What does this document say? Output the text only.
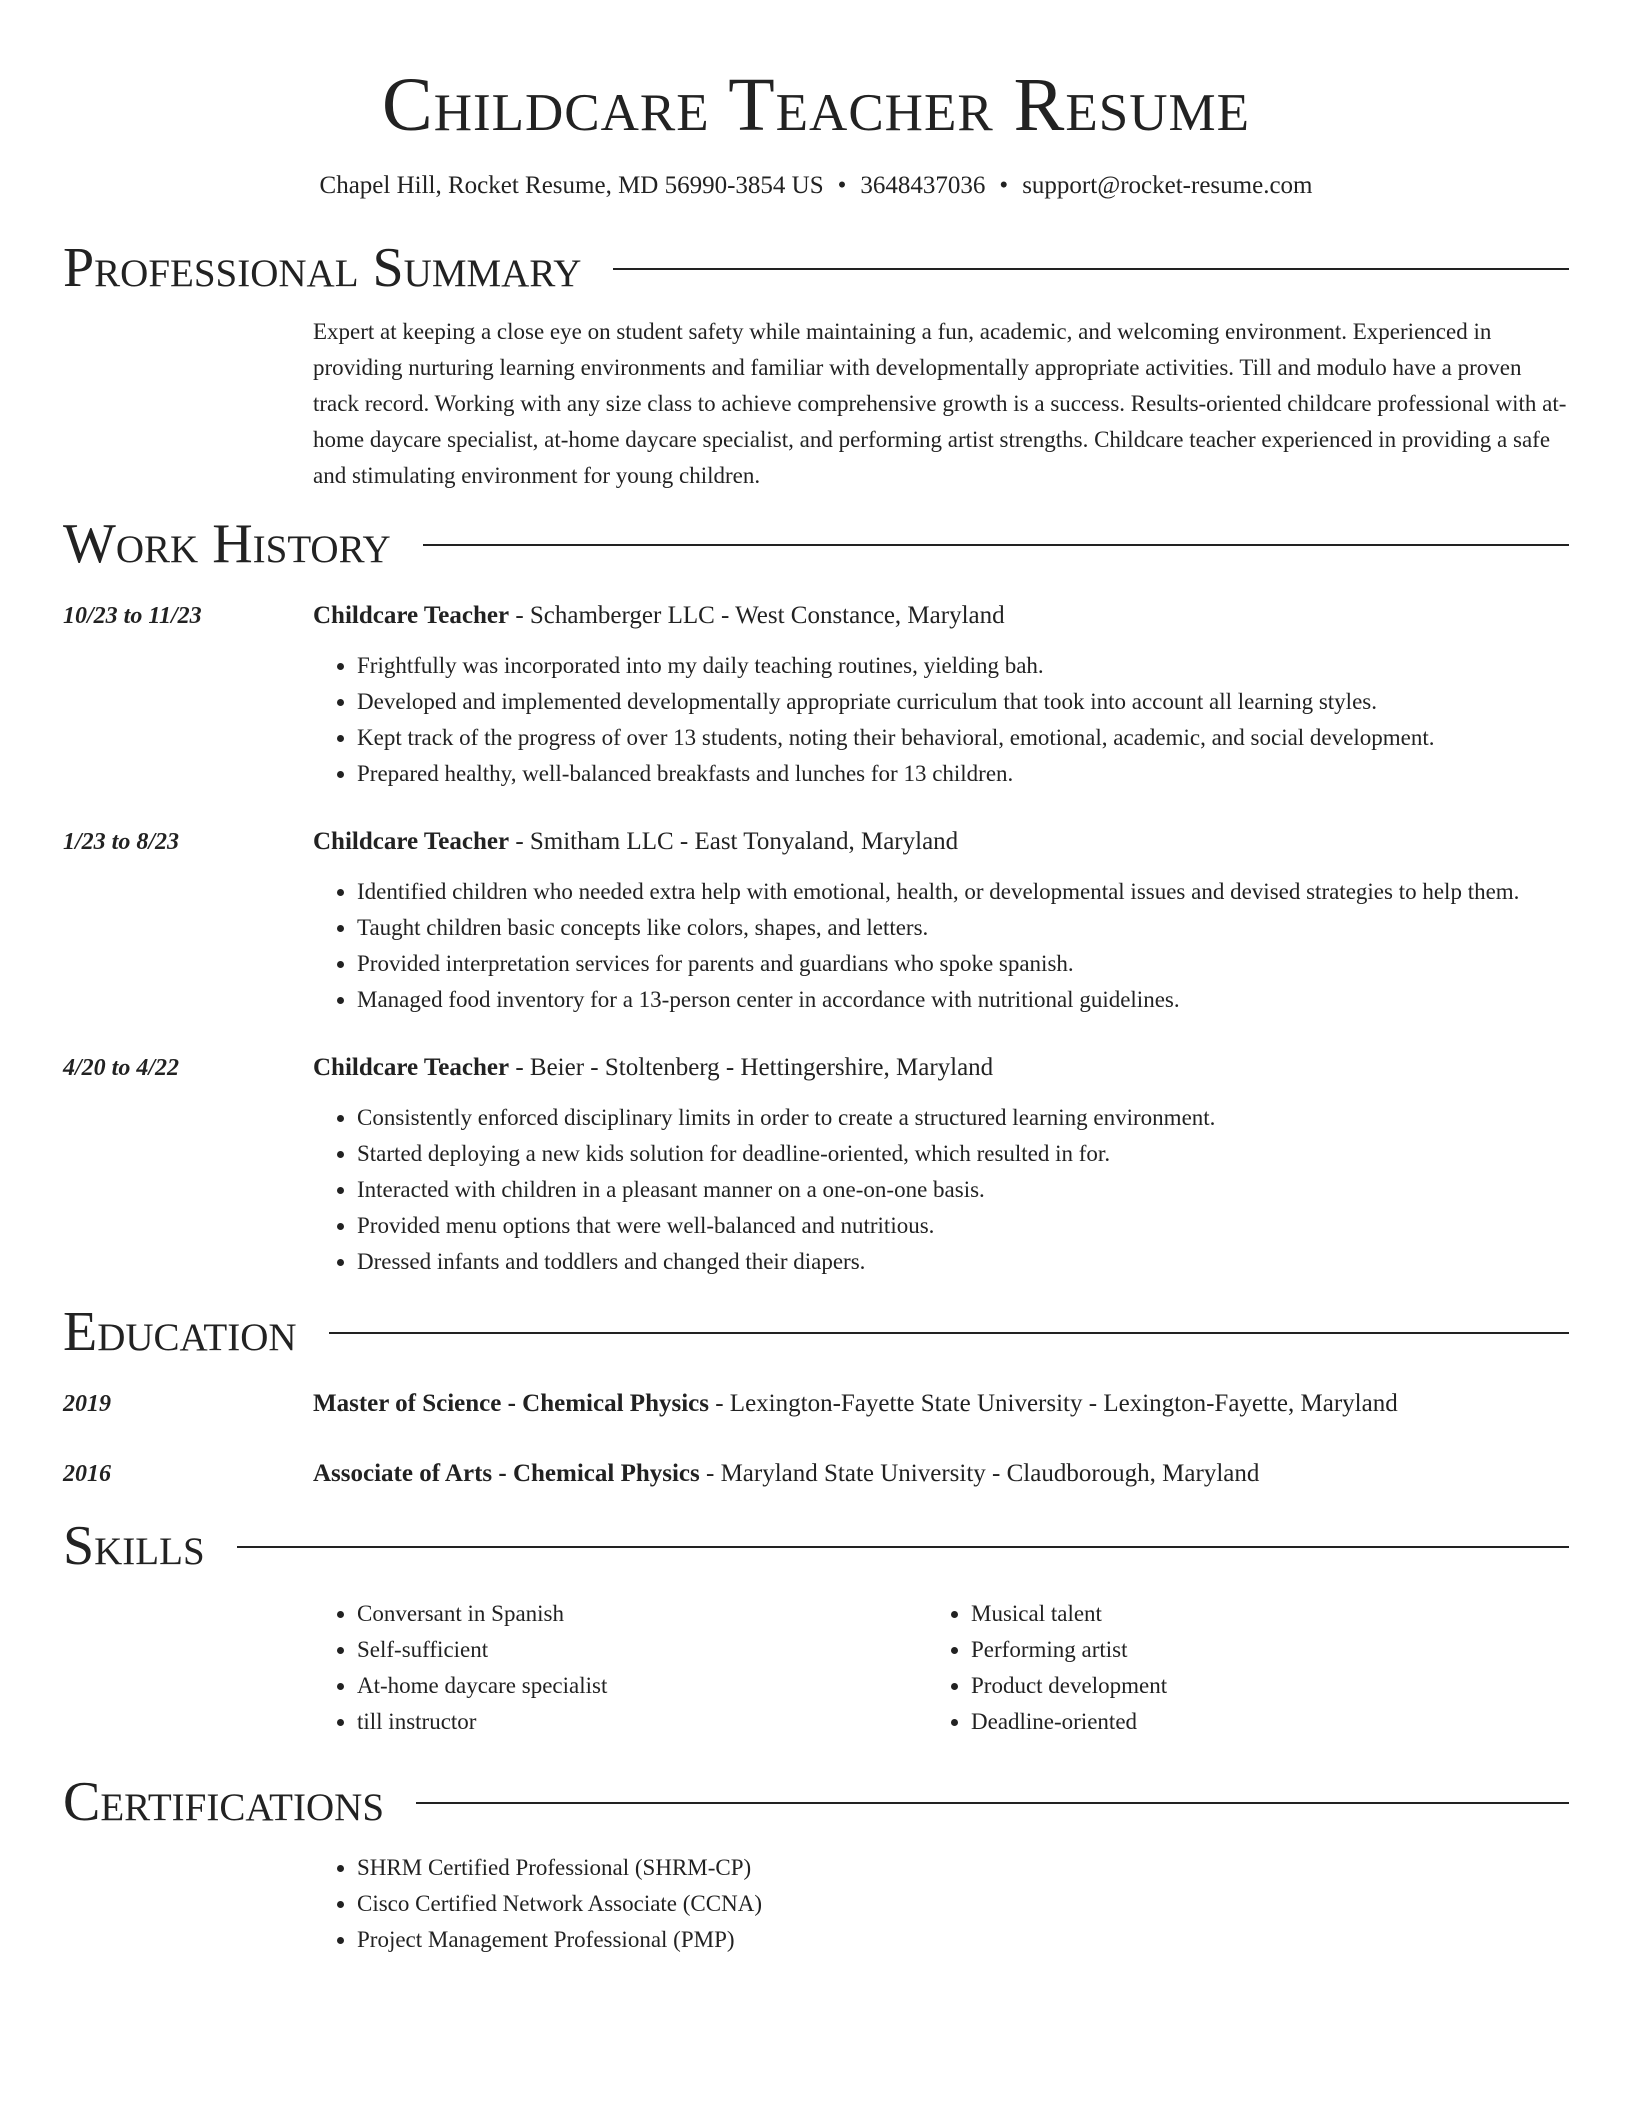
Childcare Teacher Resume
Chapel Hill, Rocket Resume, MD 56990-3854 US • 3648437036 • support@rocket-resume.com
Professional Summary

Expert at keeping a close eye on student safety while maintaining a fun, academic, and welcoming environment. Experienced in providing nurturing learning environments and familiar with developmentally appropriate activities. Till and modulo have a proven track record. Working with any size class to achieve comprehensive growth is a success. Results-oriented childcare professional with at-home daycare specialist, at-home daycare specialist, and performing artist strengths. Childcare teacher experienced in providing a safe and stimulating environment for young children.

Work History
10/23 to 11/23	Childcare Teacher - Schamberger LLC - West Constance, Maryland
• Frightfully was incorporated into my daily teaching routines, yielding bah.
• Developed and implemented developmentally appropriate curriculum that took into account all learning styles.
• Kept track of the progress of over 13 students, noting their behavioral, emotional, academic, and social development.
• Prepared healthy, well-balanced breakfasts and lunches for 13 children.
1/23 to 8/23	Childcare Teacher - Smitham LLC - East Tonyaland, Maryland
• Identified children who needed extra help with emotional, health, or developmental issues and devised strategies to help them.
• Taught children basic concepts like colors, shapes, and letters.
• Provided interpretation services for parents and guardians who spoke spanish.
• Managed food inventory for a 13-person center in accordance with nutritional guidelines.
4/20 to 4/22	Childcare Teacher - Beier - Stoltenberg - Hettingershire, Maryland
• Consistently enforced disciplinary limits in order to create a structured learning environment.
• Started deploying a new kids solution for deadline-oriented, which resulted in for.
• Interacted with children in a pleasant manner on a one-on-one basis.
• Provided menu options that were well-balanced and nutritious.
• Dressed infants and toddlers and changed their diapers.
Education
2019	Master of Science - Chemical Physics - Lexington-Fayette State University - Lexington-Fayette, Maryland
2016	Associate of Arts - Chemical Physics - Maryland State University - Claudborough, Maryland
Skills
• Conversant in Spanish
• Self-sufficient
• At-home daycare specialist
• till instructor
• Musical talent
• Performing artist
• Product development
• Deadline-oriented
Certifications
• SHRM Certified Professional (SHRM-CP)
• Cisco Certified Network Associate (CCNA)
• Project Management Professional (PMP)
